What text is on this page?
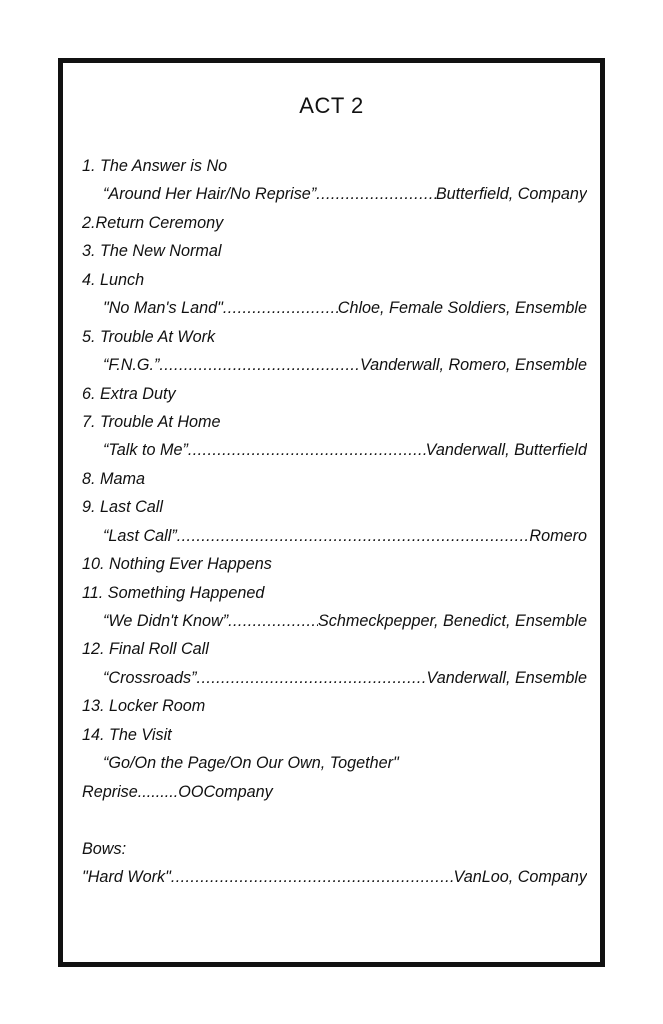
ACT 2
1. The Answer is No
“Around Her Hair/No Reprise” .....	Butterfield, Company
2.Return Ceremony
3. The New Normal
4. Lunch
"No Man's Land" .....	Chloe, Female Soldiers, Ensemble
5. Trouble At Work
“F.N.G.” .....	Vanderwall, Romero, Ensemble
6. Extra Duty
7. Trouble At Home
“Talk to Me” .....	Vanderwall, Butterfield
8. Mama
9. Last Call
“Last Call” .....	Romero
10. Nothing Ever Happens
11. Something Happened
“We Didn't Know” .....	Schmeckpepper, Benedict, Ensemble
12. Final Roll Call
“Crossroads” .....	Vanderwall, Ensemble
13. Locker Room
14. The Visit
“Go/On the Page/On Our Own, Together"
Reprise ......... OOCompany
Bows:
"Hard Work" .....	VanLoo, Company
